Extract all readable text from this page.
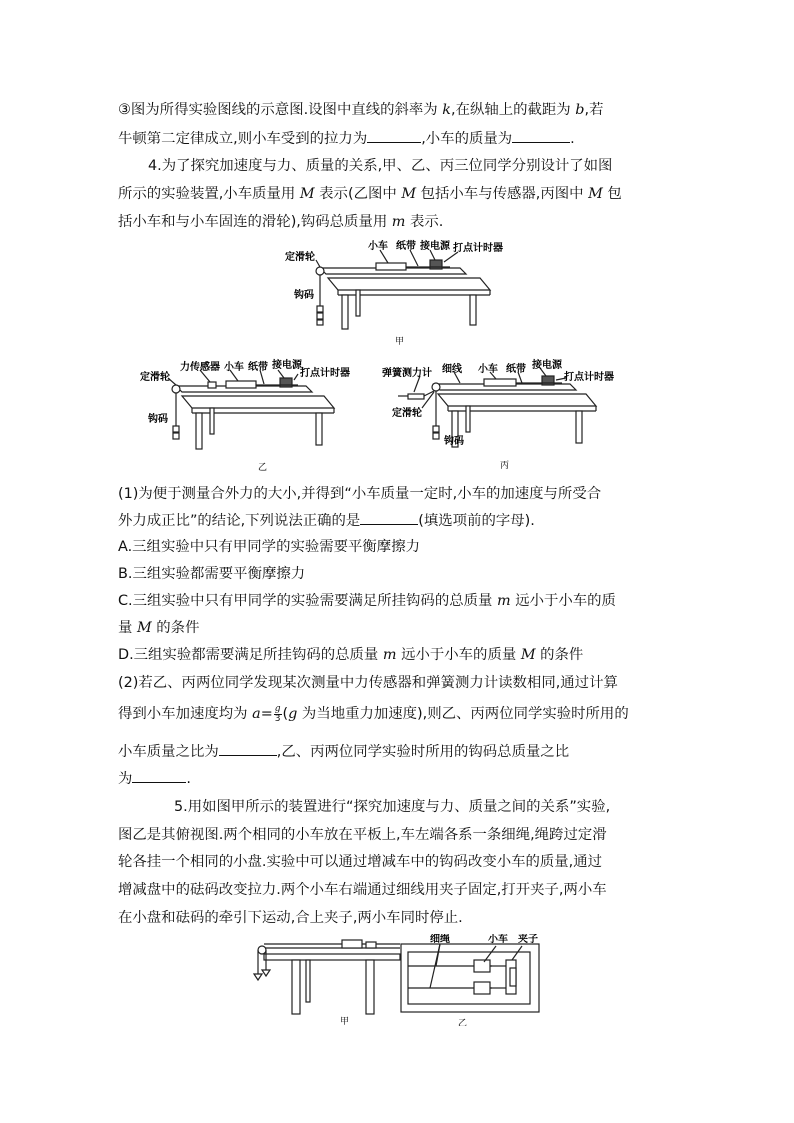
③图为所得实验图线的示意图.设图中直线的斜率为 k,在纵轴上的截距为 b,若
牛顿第二定律成立,则小车受到的拉力为	,小车的质量为	.
4.为了探究加速度与力、质量的关系,甲、乙、丙三位同学分别设计了如图
所示的实验装置,小车质量用 M 表示(乙图中 M 包括小车与传感器,丙图中 M 包
括小车和与小车固连的滑轮),钩码总质量用 m 表示.
定滑轮
小车 纸带 接电源 打点计时器
钩码
甲
定滑轮
力传感器 小车 纸带 接电源
打点计时器
钩码
乙
弹簧测力计 细线 小车 纸带 接电源
打点计时器
定滑轮
钩码
丙
(1)为便于测量合外力的大小,并得到“小车质量一定时,小车的加速度与所受合
外力成正比”的结论,下列说法正确的是	(填选项前的字母).
A.三组实验中只有甲同学的实验需要平衡摩擦力
B.三组实验都需要平衡摩擦力
C.三组实验中只有甲同学的实验需要满足所挂钩码的总质量 m 远小于小车的质
量 M 的条件
D.三组实验都需要满足所挂钩码的总质量 m 远小于小车的质量 M 的条件
(2)若乙、丙两位同学发现某次测量中力传感器和弹簧测力计读数相同,通过计算
得到小车加速度均为 $a= \frac{g}{3} (g$ 为当地重力加速度),则乙、丙两位同学实验时所用的
小车质量之比为	,乙、丙两位同学实验时所用的钩码总质量之比
为	.
5.用如图甲所示的装置进行“探究加速度与力、质量之间的关系”实验,
图乙是其俯视图.两个相同的小车放在平板上,车左端各系一条细绳,绳跨过定滑
轮各挂一个相同的小盘.实验中可以通过增减车中的钩码改变小车的质量,通过
增减盘中的砝码改变拉力.两个小车右端通过细线用夹子固定,打开夹子,两小车
在小盘和砝码的牵引下运动,合上夹子,两小车同时停止.
细绳	小车 夹子
甲	乙
